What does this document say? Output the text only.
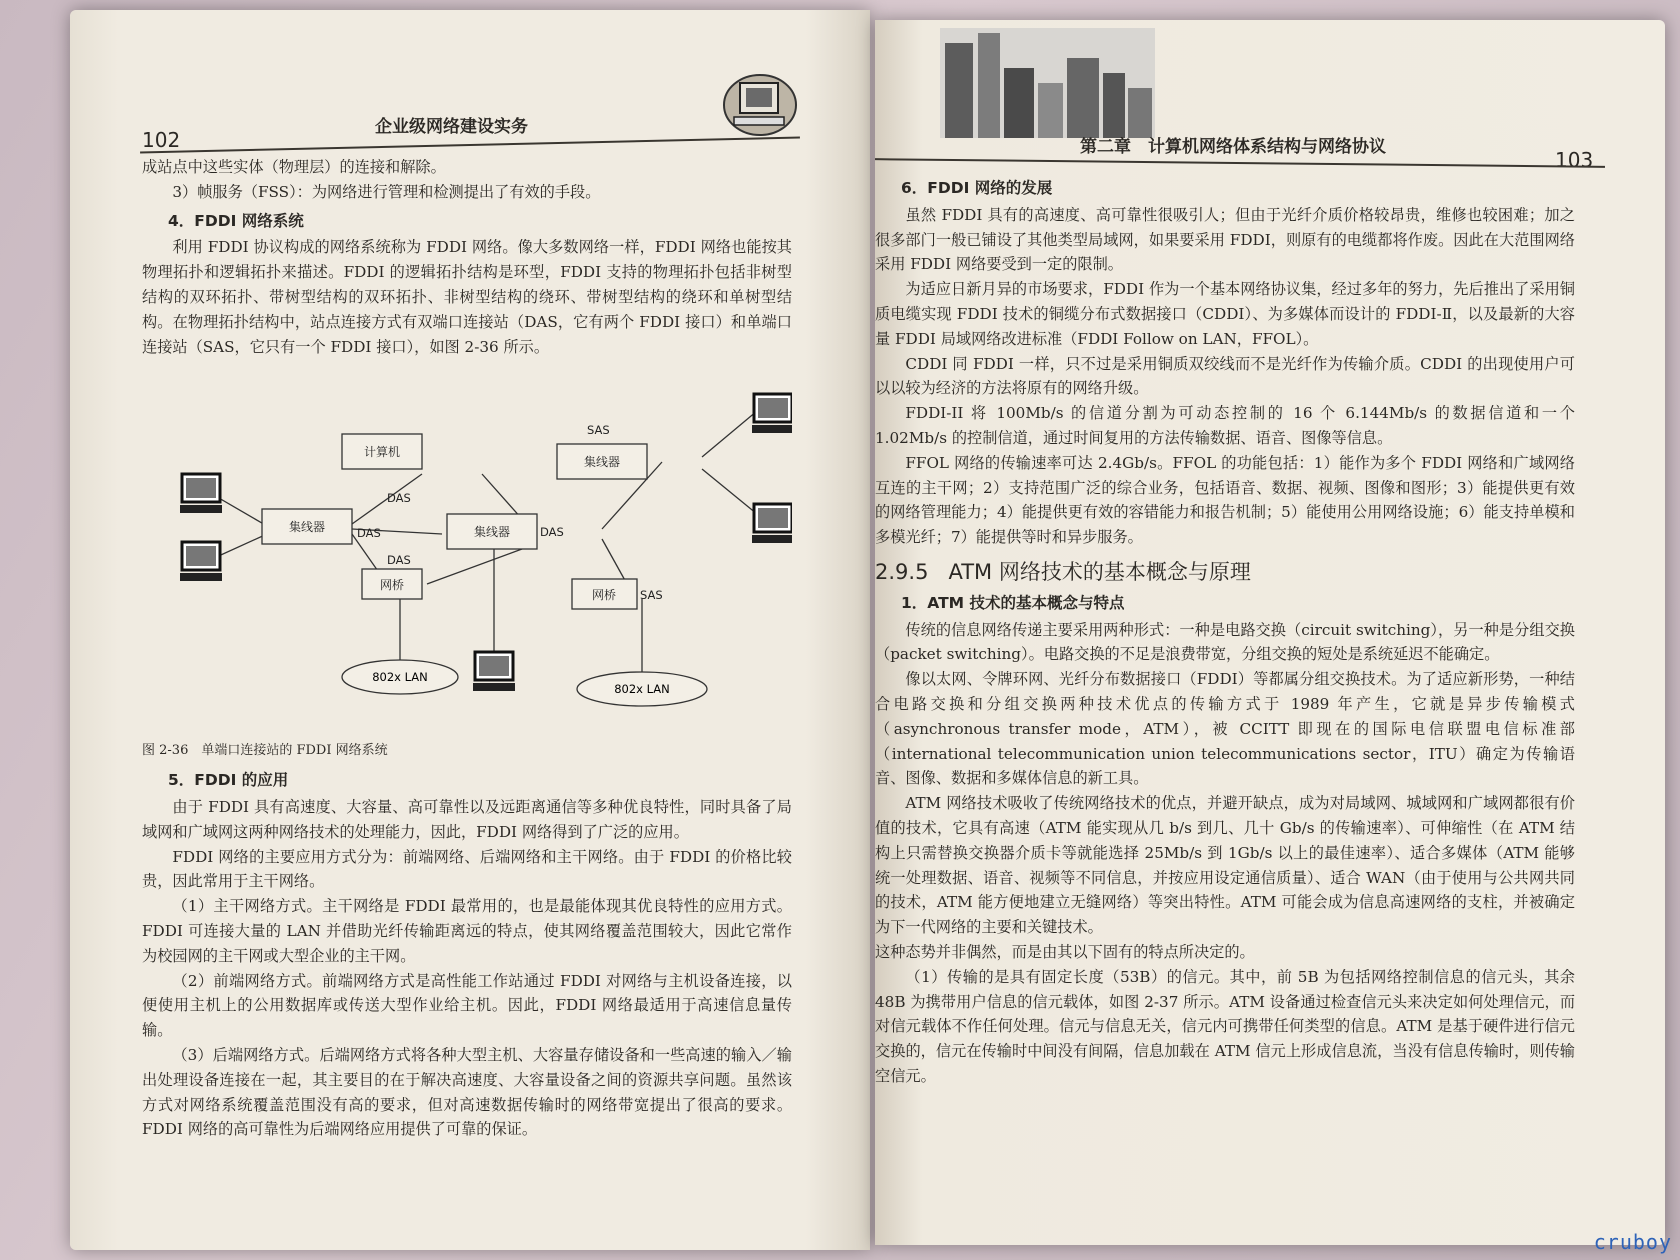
102
企业级网络建设实务

成站点中这些实体（物理层）的连接和解除。

3）帧服务（FSS）：为网络进行管理和检测提出了有效的手段。

4．FDDI 网络系统

利用 FDDI 协议构成的网络系统称为 FDDI 网络。像大多数网络一样，FDDI 网络也能按其物理拓扑和逻辑拓扑来描述。FDDI 的逻辑拓扑结构是环型，FDDI 支持的物理拓扑包括非树型结构的双环拓扑、带树型结构的双环拓扑、非树型结构的绕环、带树型结构的绕环和单树型结构。在物理拓扑结构中，站点连接方式有双端口连接站（DAS，它有两个 FDDI 接口）和单端口连接站（SAS，它只有一个 FDDI 接口），如图 2-36 所示。

计算机
集线器	集线器
集线器
网桥
网桥
DAS
DAS
DAS
DAS
SAS
SAS
802x LAN
802x LAN

图 2-36　单端口连接站的 FDDI 网络系统

5．FDDI 的应用

由于 FDDI 具有高速度、大容量、高可靠性以及远距离通信等多种优良特性，同时具备了局域网和广域网这两种网络技术的处理能力，因此，FDDI 网络得到了广泛的应用。

FDDI 网络的主要应用方式分为：前端网络、后端网络和主干网络。由于 FDDI 的价格比较贵，因此常用于主干网络。

（1）主干网络方式。主干网络是 FDDI 最常用的，也是最能体现其优良特性的应用方式。FDDI 可连接大量的 LAN 并借助光纤传输距离远的特点，使其网络覆盖范围较大，因此它常作为校园网的主干网或大型企业的主干网。

（2）前端网络方式。前端网络方式是高性能工作站通过 FDDI 对网络与主机设备连接，以便使用主机上的公用数据库或传送大型作业给主机。因此，FDDI 网络最适用于高速信息量传输。

（3）后端网络方式。后端网络方式将各种大型主机、大容量存储设备和一些高速的输入／输出处理设备连接在一起，其主要目的在于解决高速度、大容量设备之间的资源共享问题。虽然该方式对网络系统覆盖范围没有高的要求，但对高速数据传输时的网络带宽提出了很高的要求。FDDI 网络的高可靠性为后端网络应用提供了可靠的保证。

第二章　计算机网络体系结构与网络协议
103
6．FDDI 网络的发展

虽然 FDDI 具有的高速度、高可靠性很吸引人；但由于光纤介质价格较昂贵，维修也较困难；加之很多部门一般已铺设了其他类型局域网，如果要采用 FDDI，则原有的电缆都将作废。因此在大范围网络采用 FDDI 网络要受到一定的限制。

为适应日新月异的市场要求，FDDI 作为一个基本网络协议集，经过多年的努力，先后推出了采用铜质电缆实现 FDDI 技术的铜缆分布式数据接口（CDDI）、为多媒体而设计的 FDDI-Ⅱ，以及最新的大容量 FDDI 局域网络改进标准（FDDI Follow on LAN，FFOL）。

CDDI 同 FDDI 一样，只不过是采用铜质双绞线而不是光纤作为传输介质。CDDI 的出现使用户可以以较为经济的方法将原有的网络升级。

FDDI-II 将 100Mb/s 的信道分割为可动态控制的 16 个 6.144Mb/s 的数据信道和一个 1.02Mb/s 的控制信道，通过时间复用的方法传输数据、语音、图像等信息。

FFOL 网络的传输速率可达 2.4Gb/s。FFOL 的功能包括：1）能作为多个 FDDI 网络和广域网络互连的主干网；2）支持范围广泛的综合业务，包括语音、数据、视频、图像和图形；3）能提供更有效的网络管理能力；4）能提供更有效的容错能力和报告机制；5）能使用公用网络设施；6）能支持单模和多模光纤；7）能提供等时和异步服务。

2.9.5 ATM 网络技术的基本概念与原理
1．ATM 技术的基本概念与特点

传统的信息网络传递主要采用两种形式：一种是电路交换（circuit switching），另一种是分组交换（packet switching）。电路交换的不足是浪费带宽，分组交换的短处是系统延迟不能确定。

像以太网、令牌环网、光纤分布数据接口（FDDI）等都属分组交换技术。为了适应新形势，一种结合电路交换和分组交换两种技术优点的传输方式于 1989 年产生，它就是异步传输模式（asynchronous transfer mode，ATM），被 CCITT 即现在的国际电信联盟电信标准部（international telecommunication union telecommunications sector，ITU）确定为传输语音、图像、数据和多媒体信息的新工具。

ATM 网络技术吸收了传统网络技术的优点，并避开缺点，成为对局域网、城域网和广域网都很有价值的技术，它具有高速（ATM 能实现从几 b/s 到几、几十 Gb/s 的传输速率）、可伸缩性（在 ATM 结构上只需替换交换器介质卡等就能选择 25Mb/s 到 1Gb/s 以上的最佳速率）、适合多媒体（ATM 能够统一处理数据、语音、视频等不同信息，并按应用设定通信质量）、适合 WAN（由于使用与公共网共同的技术，ATM 能方便地建立无缝网络）等突出特性。ATM 可能会成为信息高速网络的支柱，并被确定为下一代网络的主要和关键技术。

这种态势并非偶然，而是由其以下固有的特点所决定的。

（1）传输的是具有固定长度（53B）的信元。其中，前 5B 为包括网络控制信息的信元头，其余 48B 为携带用户信息的信元载体，如图 2-37 所示。ATM 设备通过检查信元头来决定如何处理信元，而对信元载体不作任何处理。信元与信息无关，信元内可携带任何类型的信息。ATM 是基于硬件进行信元交换的，信元在传输时中间没有间隔，信息加载在 ATM 信元上形成信息流，当没有信息传输时，则传输空信元。

cruboy
